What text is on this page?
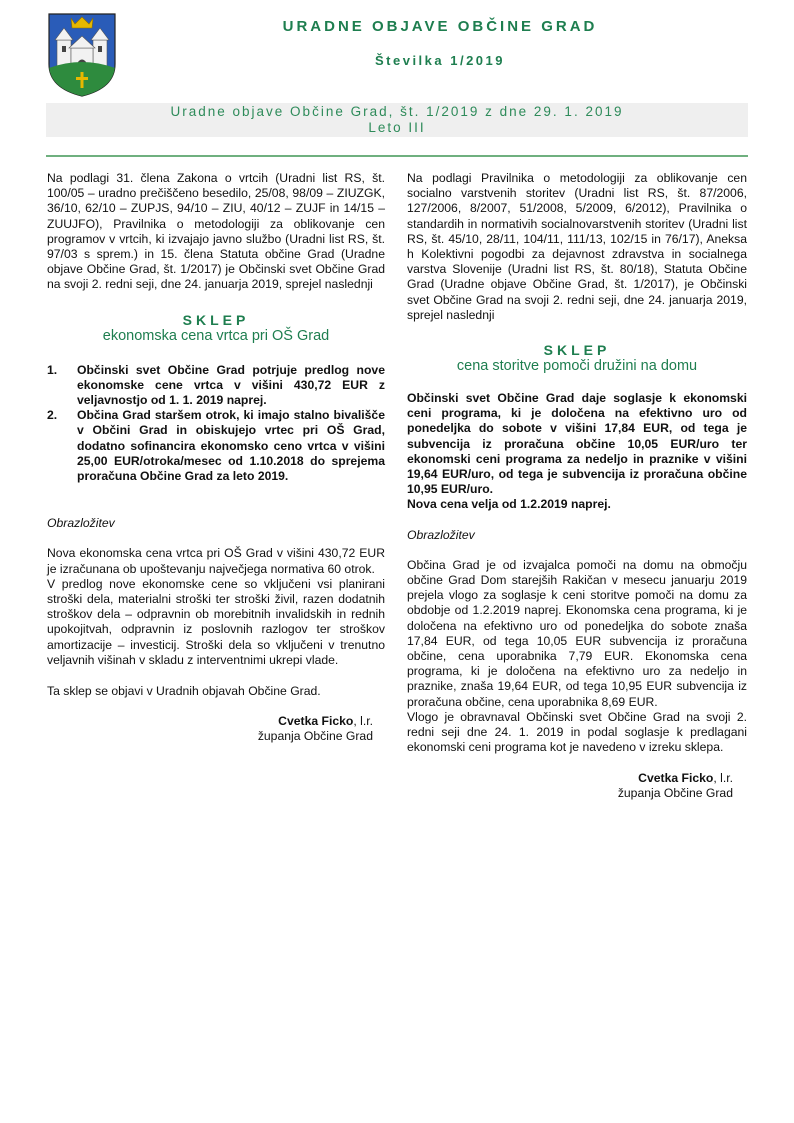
URADNE OBJAVE OBČINE GRAD
Številka 1/2019
Uradne objave Občine Grad, št. 1/2019 z dne 29. 1. 2019
Leto III

Na podlagi 31. člena Zakona o vrtcih (Uradni list RS, št. 100/05 – uradno prečiščeno besedilo, 25/08, 98/09 – ZIUZGK, 36/10, 62/10 – ZUPJS, 94/10 – ZIU, 40/12 – ZUJF in 14/15 – ZUUJFO), Pravilnika o metodologiji za oblikovanje cen programov v vrtcih, ki izvajajo javno službo (Uradni list RS, št. 97/03 s sprem.) in 15. člena Statuta občine Grad (Uradne objave Občine Grad, št. 1/2017) je Občinski svet Občine Grad na svoji 2. redni seji, dne 24. januarja 2019, sprejel naslednji

SKLEP

ekonomska cena vrtca pri OŠ Grad

1. Občinski svet Občine Grad potrjuje predlog nove ekonomske cene vrtca v višini 430,72 EUR z veljavnostjo od 1. 1. 2019 naprej.
2. Občina Grad staršem otrok, ki imajo stalno bivališče v Občini Grad in obiskujejo vrtec pri OŠ Grad, dodatno sofinancira ekonomsko ceno vrtca v višini 25,00 EUR/otroka/mesec od 1.10.2018 do sprejema proračuna Občine Grad za leto 2019.

Obrazložitev

Nova ekonomska cena vrtca pri OŠ Grad v višini 430,72 EUR je izračunana ob upoštevanju največjega normativa 60 otrok.

V predlog nove ekonomske cene so vključeni vsi planirani stroški dela, materialni stroški ter stroški živil, razen dodatnih stroškov dela – odpravnin ob morebitnih invalidskih in rednih upokojitvah, odpravnin iz poslovnih razlogov ter stroškov amortizacije – investicij. Stroški dela so vključeni v trenutno veljavnih višinah v skladu z interventnimi ukrepi vlade.

Ta sklep se objavi v Uradnih objavah Občine Grad.

Cvetka Ficko, l.r.
županja Občine Grad

Na podlagi Pravilnika o metodologiji za oblikovanje cen socialno varstvenih storitev (Uradni list RS, št. 87/2006, 127/2006, 8/2007, 51/2008, 5/2009, 6/2012), Pravilnika o standardih in normativih socialnovarstvenih storitev (Uradni list RS, št. 45/10, 28/11, 104/11, 111/13, 102/15 in 76/17), Aneksa h Kolektivni pogodbi za dejavnost zdravstva in socialnega varstva Slovenije (Uradni list RS, št. 80/18), Statuta Občine Grad (Uradne objave Občine Grad, št. 1/2017), je Občinski svet Občine Grad na svoji 2. redni seji, dne 24. januarja 2019, sprejel naslednji

SKLEP

cena storitve pomoči družini na domu

Občinski svet Občine Grad daje soglasje k ekonomski ceni programa, ki je določena na efektivno uro od ponedeljka do sobote v višini 17,84 EUR, od tega je subvencija iz proračuna občine 10,05 EUR/uro ter ekonomski ceni programa za nedeljo in praznike v višini 19,64 EUR/uro, od tega je subvencija iz proračuna občine 10,95 EUR/uro.

Nova cena velja od 1.2.2019 naprej.

Obrazložitev

Občina Grad je od izvajalca pomoči na domu na območju občine Grad Dom starejših Rakičan v mesecu januarju 2019 prejela vlogo za soglasje k ceni storitve pomoči na domu za obdobje od 1.2.2019 naprej. Ekonomska cena programa, ki je določena na efektivno uro od ponedeljka do sobote znaša 17,84 EUR, od tega 10,05 EUR subvencija iz proračuna občine, cena uporabnika 7,79 EUR. Ekonomska cena programa, ki je določena na efektivno uro za nedeljo in praznike, znaša 19,64 EUR, od tega 10,95 EUR subvencija iz proračuna občine, cena uporabnika 8,69 EUR.

Vlogo je obravnaval Občinski svet Občine Grad na svoji 2. redni seji dne 24. 1. 2019 in podal soglasje k predlagani ekonomski ceni programa kot je navedeno v izreku sklepa.

Cvetka Ficko, l.r.
županja Občine Grad
